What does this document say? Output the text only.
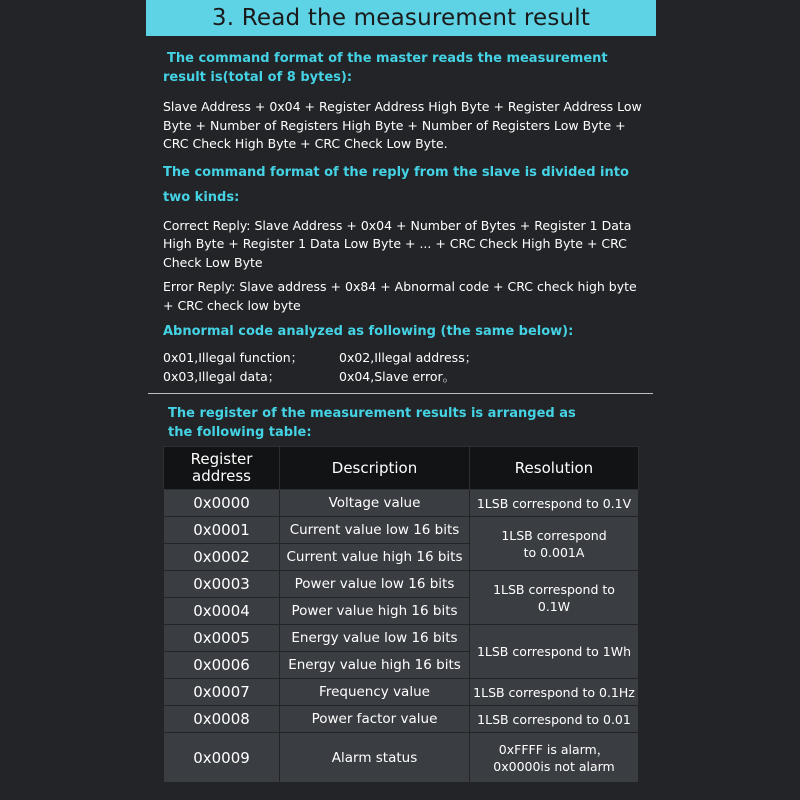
3. Read the measurement result
The command format of the master reads the measurement result is(total of 8 bytes):
Slave Address + 0x04 + Register Address High Byte + Register Address Low Byte + Number of Registers High Byte + Number of Registers Low Byte + CRC Check High Byte + CRC Check Low Byte.
The command format of the reply from the slave is divided into two kinds:
Correct Reply: Slave Address + 0x04 + Number of Bytes + Register 1 Data High Byte + Register 1 Data Low Byte + ... + CRC Check High Byte + CRC Check Low Byte
Error Reply: Slave address + 0x84 + Abnormal code + CRC check high byte + CRC check low byte
Abnormal code analyzed as following (the same below):
0x01,Illegal function；	0x02,Illegal address；
0x03,Illegal data；	0x04,Slave error。
The register of the measurement results is arranged as the following table:
Register
address	Description	Resolution
0x0000	Voltage value	1LSB correspond to 0.1V
0x0001	Current value low 16 bits	1LSB correspond
to 0.001A

0x0002	Current value high 16 bits	
0x0003	Power value low 16 bits	1LSB correspond to
0.1W

0x0004	Power value high 16 bits	
0x0005	Energy value low 16 bits	1LSB correspond to 1Wh
0x0006	Energy value high 16 bits	
0x0007	Frequency value	1LSB correspond to 0.1Hz
0x0008	Power factor value	1LSB correspond to 0.01
0x0009	Alarm status	0xFFFF is alarm，
0x0000is not alarm
